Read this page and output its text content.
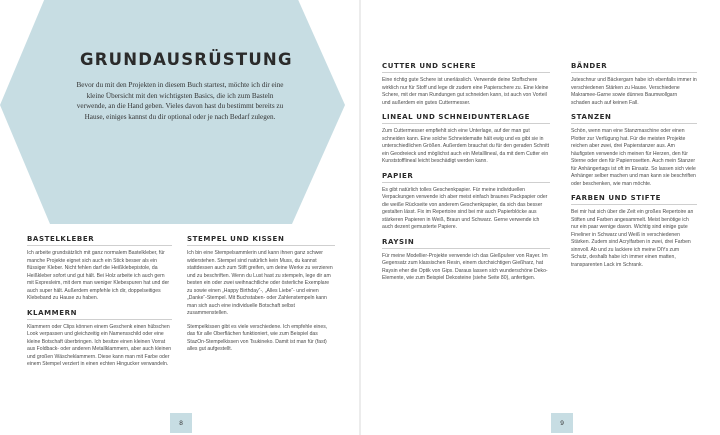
GRUNDAUSRÜSTUNG

Bevor du mit den Projekten in diesem Buch startest, möchte ich dir eine kleine Übersicht mit den wichtigsten Basics, die ich zum Basteln verwende, an die Hand geben. Vieles davon hast du bestimmt bereits zu Hause, einiges kannst du dir optional oder je nach Bedarf zulegen.

BASTELKLEBER

Ich arbeite grundsätzlich mit ganz normalem Bastelkleber, für manche Projekte eignet sich auch ein Stick besser als ein flüssiger Kleber. Nicht fehlen darf die Heißklebepistole, da Heißkleber sofort und gut hält. Bei Holz arbeite ich auch gern mit Expresleim, mit dem man weniger Klebespuren hat und der auch super hält. Außerdem empfehle ich dir, doppelseitiges Klebeband zu Hause zu haben.

KLAMMERN

Klammern oder Clips können einem Geschenk einen hübschen Look verpassen und gleichzeitig ein Namensschild oder eine kleine Botschaft überbringen. Ich besitze einen kleinen Vorrat aus Foldback- oder anderen Metallklammern, aber auch kleinen und großen Wäscheklammern. Diese kann man mit Farbe oder einem Stempel verziert in einen echten Hingucker verwandeln.

STEMPEL UND KISSEN

Ich bin eine Stempelsammlerin und kann ihnen ganz schwer widerstehen. Stempel sind natürlich kein Muss, du kannst stattdessen auch zum Stift greifen, um deine Werke zu verzieren und zu beschriften. Wenn du Lust hast zu stempeln, lege dir am besten ein oder zwei weihnachtliche oder österliche Exemplare zu sowie einen „Happy Birthday“-, „Alles Liebe“- und einen „Danke“-Stempel. Mit Buchstaben- oder Zahlenstempeln kann man sich auch eine individuelle Botschaft selbst zusammenstellen.

Stempelkissen gibt es viele verschiedene. Ich empfehle eines, das für alle Oberflächen funktioniert, wie zum Beispiel das StazOn-Stempelkissen von Tsukineko. Damit ist man für (fast) alles gut aufgestellt.

8
CUTTER UND SCHERE

Eine richtig gute Schere ist unerlässlich. Verwende deine Stoffschere wirklich nur für Stoff und lege dir zudem eine Papierschere zu. Eine kleine Schere, mit der man Rundungen gut schneiden kann, ist auch von Vorteil und außerdem ein gutes Cuttermesser.

LINEAL UND SCHNEIDUNTERLAGE

Zum Cuttermesser empfiehlt sich eine Unterlage, auf der man gut schneiden kann. Eine solche Schneidematte hält ewig und es gibt sie in unterschiedlichen Größen. Außerdem brauchst du für den geraden Schnitt ein Geodreieck und möglichst auch ein Metalllineal, da mit dem Cutter ein Kunststofflineal leicht beschädigt werden kann.

PAPIER

Es gibt natürlich tolles Geschenkpapier. Für meine individuellen Verpackungen verwende ich aber meist einfach braunes Packpapier oder die weiße Rückseite von anderem Geschenkpapier, da sich das besser gestalten lässt. Fix im Repertoire sind bei mir auch Papierblöcke aus stärkeren Papieren in Weiß, Braun und Schwarz. Gerne verwende ich auch dezent gemusterte Papiere.

RAYSIN

Für meine Modellier-Projekte verwende ich das Gießpulver von Rayer. Im Gegensatz zum klassischen Resin, einem durchsichtigen Gießharz, hat Raysin eher die Optik von Gips. Daraus lassen sich wunderschöne Deko-Elemente, wie zum Beispiel Dekosteine (siehe Seite 80), anfertigen.

BÄNDER

Juteschnur und Bäckergarn habe ich ebenfalls immer in verschiedenen Stärken zu Hause. Verschiedene Makramee-Garne sowie dünnes Baumwollgarn schaden auch auf keinen Fall.

STANZEN

Schön, wenn man eine Stanzmaschine oder einen Plotter zur Verfügung hat. Für die meisten Projekte reichen aber zwei, drei Papierstanzer aus. Am häufigsten verwende ich meinen für Herzen, den für Sterne oder den für Papierrosetten. Auch mein Stanzer für Anhängertags ist oft im Einsatz. So lassen sich viele Anhänger selber machen und man kann sie beschriften oder beschenken, wie man möchte.

FARBEN UND STIFTE

Bei mir hat sich über die Zeit ein großes Repertoire an Stiften und Farben angesammelt. Meist benötige ich nur ein paar wenige davon. Wichtig sind einige gute Fineliner in Schwarz und Weiß in verschiedenen Stärken. Zudem sind Acrylfarben in zwei, drei Farben sinnvoll. Ab und zu lackiere ich meine DIYs zum Schutz, deshalb habe ich immer einen matten, transparenten Lack im Schrank.

9
